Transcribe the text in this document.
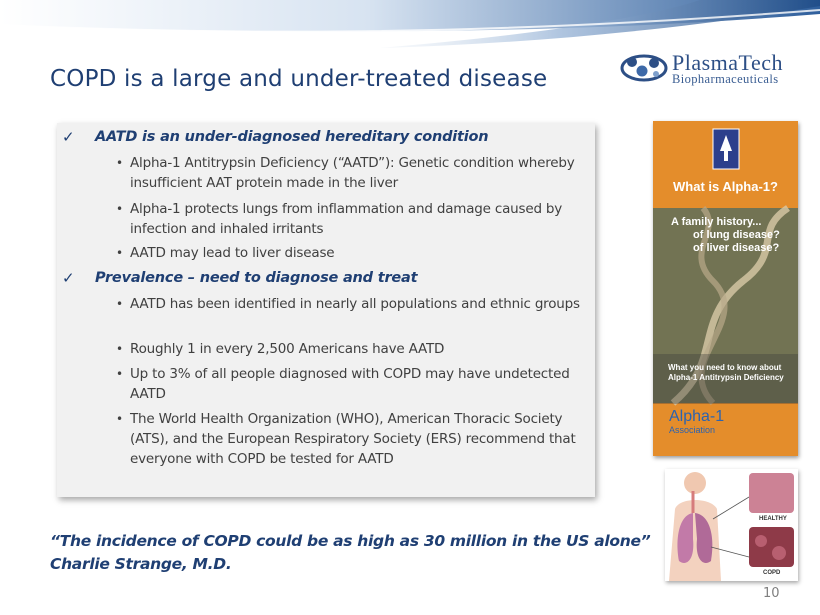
COPD is a large and under-treated disease
PlasmaTech
Biopharmaceuticals
✓ AATD is an under-diagnosed hereditary condition
• Alpha-1 Antitrypsin Deficiency (“AATD”): Genetic condition whereby insufficient AAT protein made in the liver
• Alpha-1 protects lungs from inflammation and damage caused by infection and inhaled irritants
• AATD may lead to liver disease
✓ Prevalence – need to diagnose and treat
• AATD has been identified in nearly all populations and ethnic groups
• Roughly 1 in every 2,500 Americans have AATD
• Up to 3% of all people diagnosed with COPD may have undetected AATD
• The World Health Organization (WHO), American Thoracic Society (ATS), and the European Respiratory Society (ERS) recommend that everyone with COPD be tested for AATD
What is Alpha-1?
A family history...
of lung disease?
of liver disease?
What you need to know about Alpha-1 Antitrypsin Deficiency
Alpha-1
Association
HEALTHY
COPD
“The incidence of COPD could be as high as 30 million in the US alone”
Charlie Strange, M.D.
10
